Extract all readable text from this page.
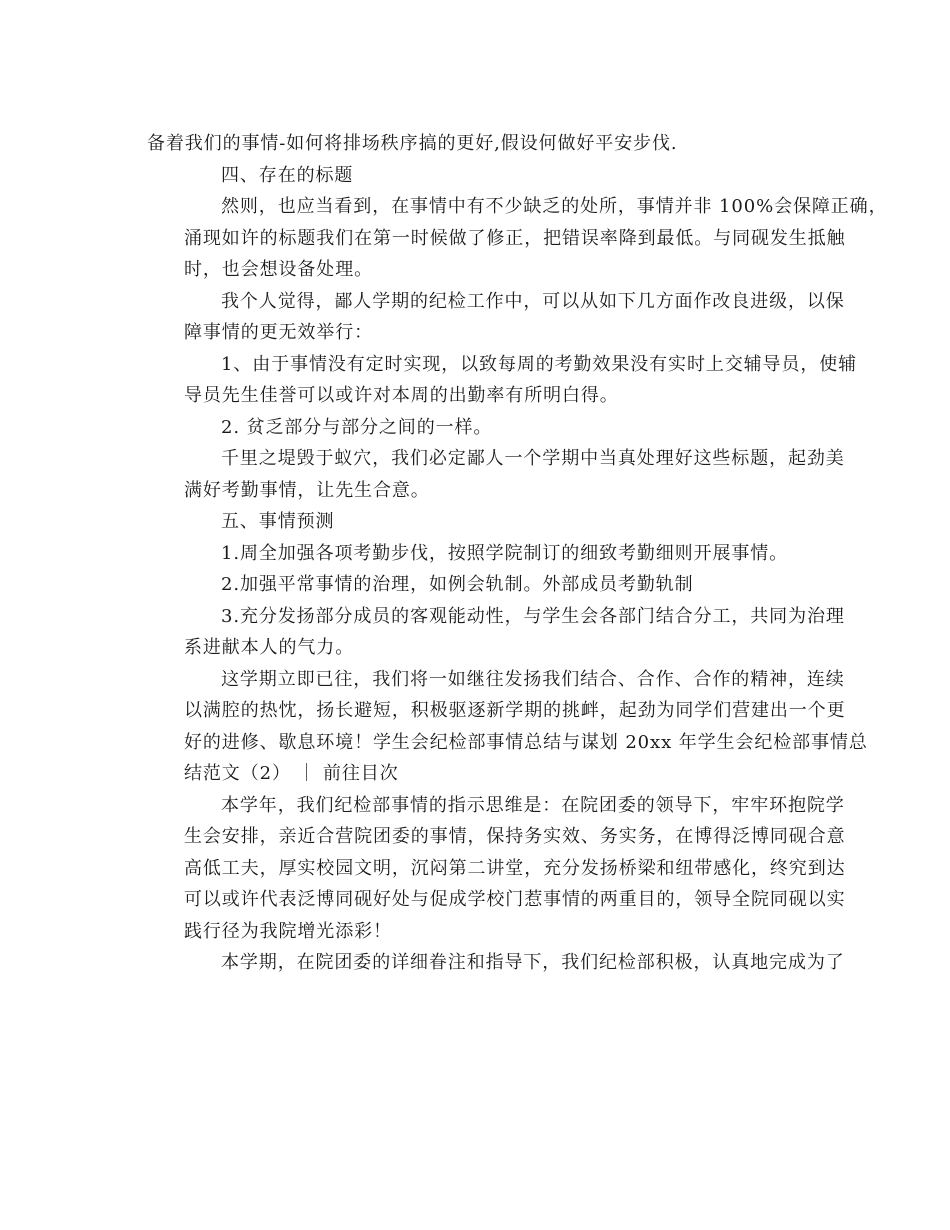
备着我们的事情-如何将排场秩序搞的更好,假设何做好平安步伐.

四、存在的标题

然则，也应当看到，在事情中有不少缺乏的处所，事情并非 100%会保障正确，
涌现如许的标题我们在第一时候做了修正，把错误率降到最低。与同砚发生抵触
时，也会想设备处理。

我个人觉得，鄙人学期的纪检工作中，可以从如下几方面作改良进级，以保
障事情的更无效举行：

1、由于事情没有定时实现，以致每周的考勤效果没有实时上交辅导员，使辅
导员先生佳誉可以或许对本周的出勤率有所明白得。

2. 贫乏部分与部分之间的一样。

千里之堤毁于蚁穴，我们必定鄙人一个学期中当真处理好这些标题，起劲美
满好考勤事情，让先生合意。

五、事情预测

1.周全加强各项考勤步伐，按照学院制订的细致考勤细则开展事情。

2.加强平常事情的治理，如例会轨制。外部成员考勤轨制

3.充分发扬部分成员的客观能动性，与学生会各部门结合分工，共同为治理
系进献本人的气力。

这学期立即已往，我们将一如继往发扬我们结合、合作、合作的精神，连续
以满腔的热忱，扬长避短，积极驱逐新学期的挑衅，起劲为同学们营建出一个更
好的进修、歇息环境！学生会纪检部事情总结与谋划 20xx 年学生会纪检部事情总
结范文（2） ｜ 前往目次

本学年，我们纪检部事情的指示思维是：在院团委的领导下，牢牢环抱院学
生会安排，亲近合营院团委的事情，保持务实效、务实务，在博得泛博同砚合意
高低工夫，厚实校园文明，沉闷第二讲堂，充分发扬桥梁和纽带感化，终究到达
可以或许代表泛博同砚好处与促成学校门惹事情的两重目的，领导全院同砚以实
践行径为我院增光添彩！

本学期，在院团委的详细眷注和指导下，我们纪检部积极，认真地完成为了
